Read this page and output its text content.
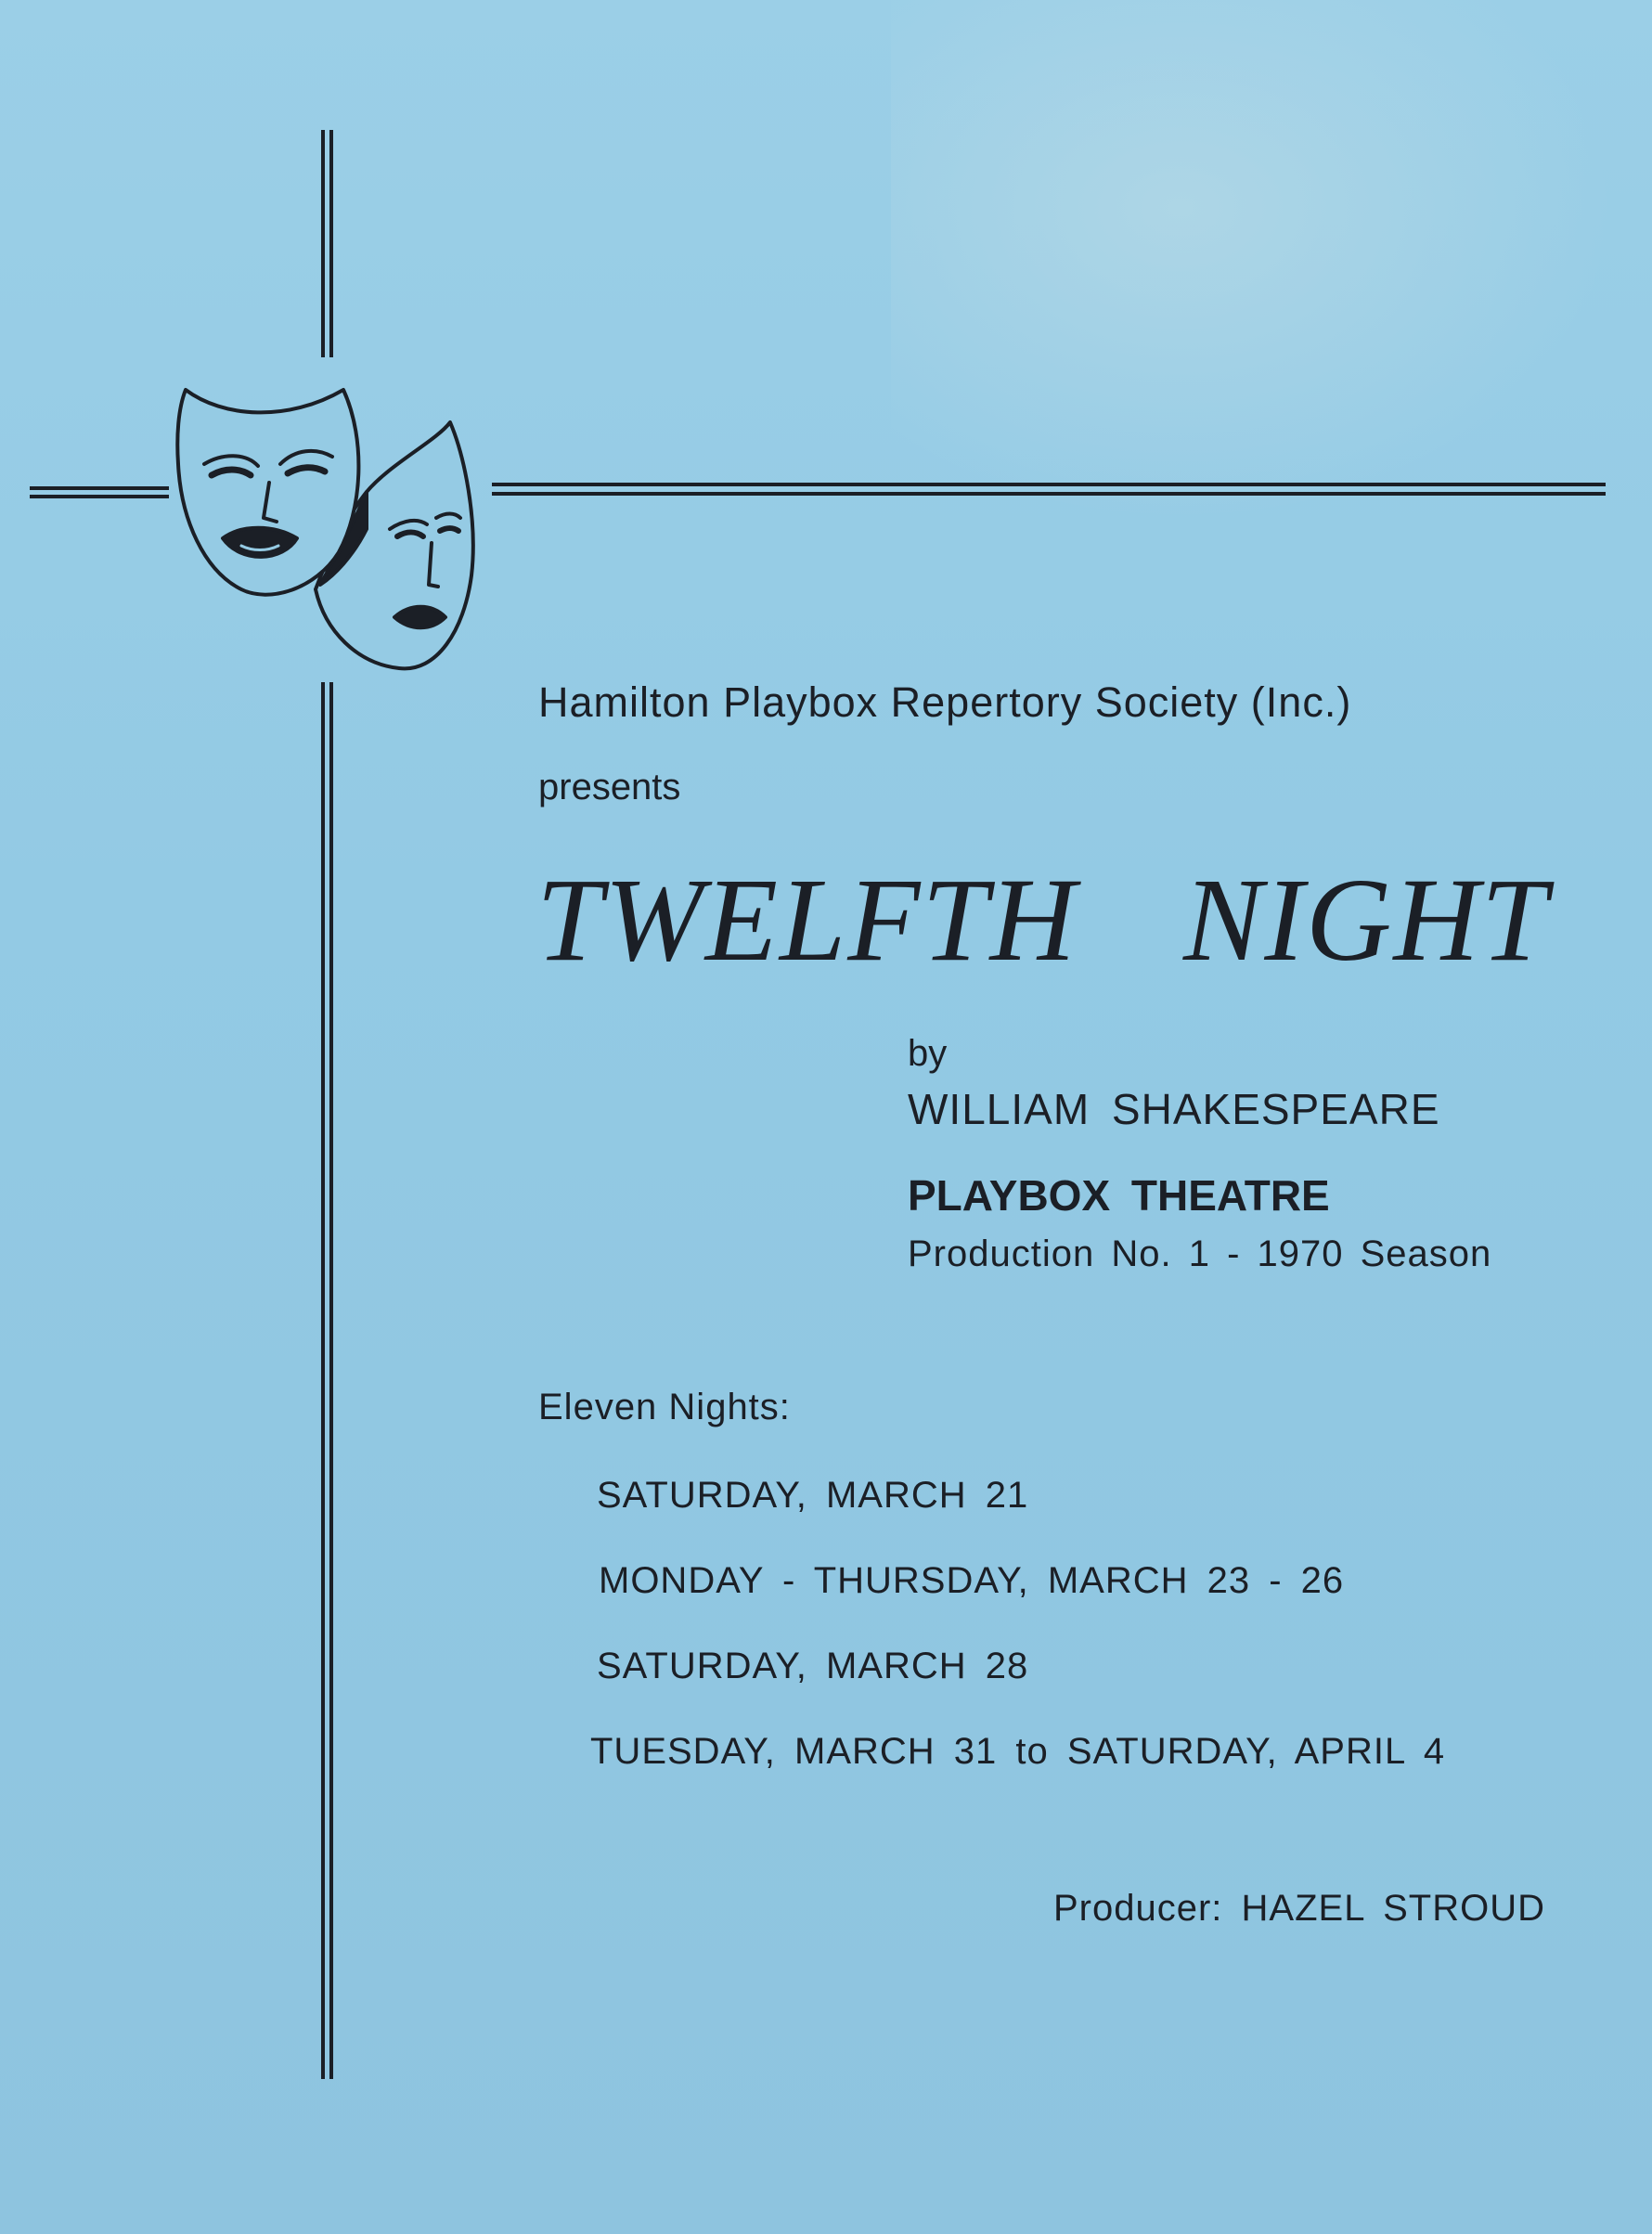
Hamilton Playbox Repertory Society (Inc.)
presents
TWELFTH NIGHT
by
WILLIAM SHAKESPEARE
PLAYBOX THEATRE
Production No. 1 - 1970 Season
Eleven Nights:
SATURDAY, MARCH 21
MONDAY - THURSDAY, MARCH 23 - 26
SATURDAY, MARCH 28
TUESDAY, MARCH 31 to SATURDAY, APRIL 4
Producer: HAZEL STROUD
